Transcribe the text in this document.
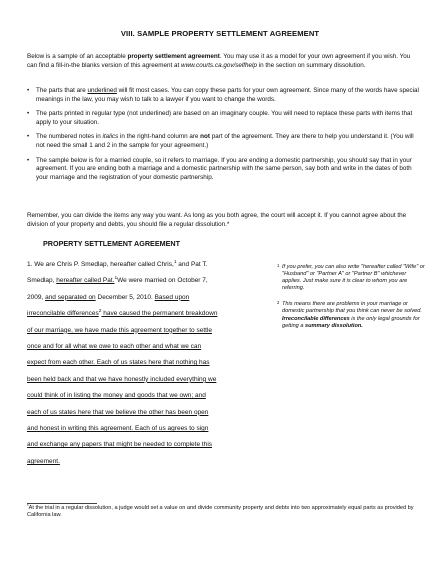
VIII. SAMPLE PROPERTY SETTLEMENT AGREEMENT
Below is a sample of an acceptable property settlement agreement. You may use it as a model for your own agreement if you wish. You can find a fill-in-the blanks version of this agreement at www.courts.ca.gov/selfhelp in the section on summary dissolution.
• The parts that are underlined will fit most cases. You can copy these parts for your own agreement. Since many of the words have special meanings in the law, you may wish to talk to a lawyer if you want to change the words.
• The parts printed in regular type (not underlined) are based on an imaginary couple. You will need to replace these parts with items that apply to your situation.
• The numbered notes in italics in the right-hand column are not part of the agreement. They are there to help you understand it. (You will not need the small 1 and 2 in the sample for your agreement.)
• The sample below is for a married couple, so it refers to marriage. If you are ending a domestic partnership, you should say that in your agreement. If you are ending both a marriage and a domestic partnership with the same person, say both and write in the dates of both your marriage and the registration of your domestic partnership.
Remember, you can divide the items any way you want. As long as you both agree, the court will accept it. If you cannot agree about the division of your property and debts, you should file a regular dissolution.*
PROPERTY SETTLEMENT AGREEMENT
1. We are Chris P. Smedlap, hereafter called Chris,$^1$ and Pat T.
Smedlap, hereafter called Pat.$^1$We were married on October 7,
2009, and separated on December 5, 2010. Based upon
irreconcilable differences$^2$ have caused the permanent breakdown
of our marriage, we have made this agreement together to settle
once and for all what we owe to each other and what we can
expect from each other. Each of us states here that nothing has
been held back and that we have honestly included everything we
could think of in listing the money and goods that we own; and
each of us states here that we believe the other has been open
and honest in writing this agreement. Each of us agrees to sign
and exchange any papers that might be needed to complete this
agreement.
1 If you prefer, you can also write "hereafter called "Wife" or "Husband" or "Partner A" or "Partner B" whichever applies. Just make sure it is clear to whom you are referring.
2 This means there are problems in your marriage or domestic partnership that you think can never be solved. Irreconcilable differences is the only legal grounds for getting a summary dissolution.
*At the trial in a regular dissolution, a judge would set a value on and divide community property and debts into two approximately equal parts as provided by California law.
